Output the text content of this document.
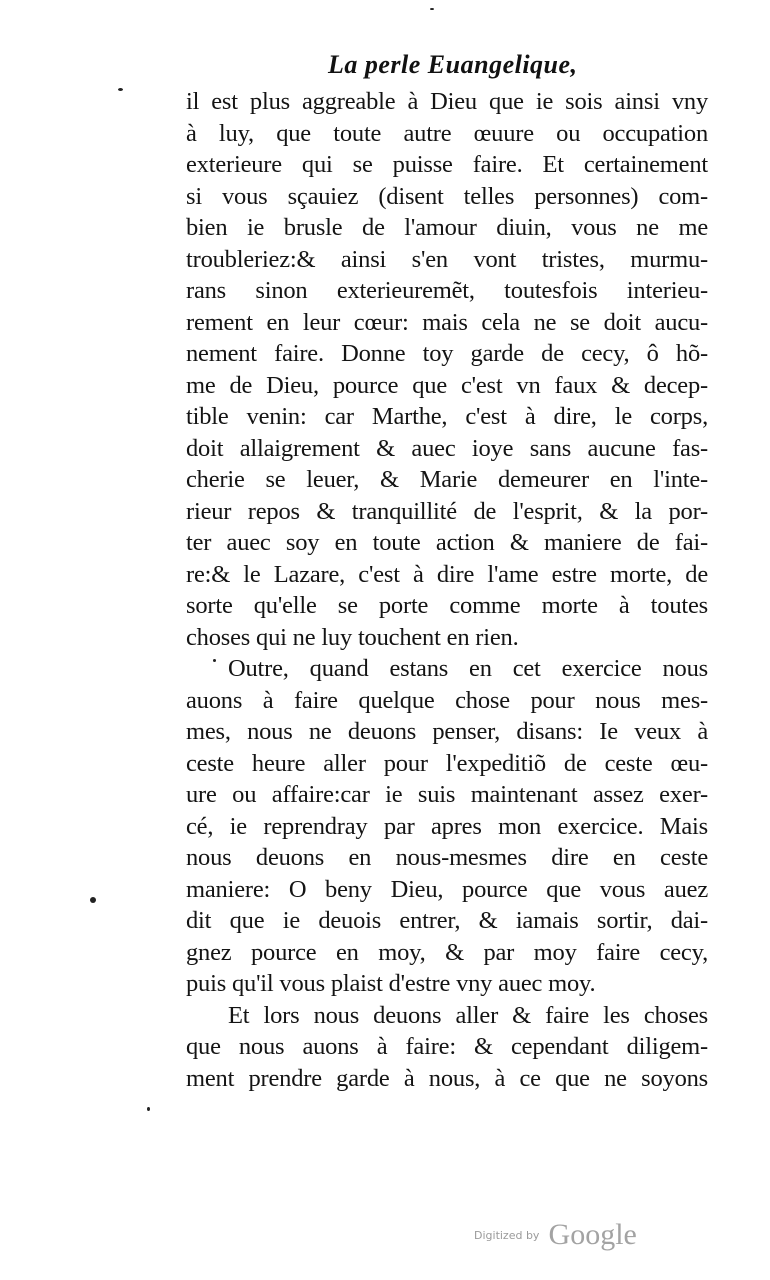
La perle Euangelique,
il est plus aggreable à Dieu que ie sois ainsi vny
à luy, que toute autre œuure ou occupation
exterieure qui se puisse faire. Et certainement
si vous sçauiez (disent telles personnes) com-
bien ie brusle de l'amour diuin, vous ne me
troubleriez:& ainsi s'en vont tristes, murmu-
rans sinon exterieuremẽt, toutesfois interieu-
rement en leur cœur: mais cela ne se doit aucu-
nement faire. Donne toy garde de cecy, ô hõ-
me de Dieu, pource que c'est vn faux & decep-
tible venin: car Marthe, c'est à dire, le corps,
doit allaigrement & auec ioye sans aucune fas-
cherie se leuer, & Marie demeurer en l'inte-
rieur repos & tranquillité de l'esprit, & la por-
ter auec soy en toute action & maniere de fai-
re:& le Lazare, c'est à dire l'ame estre morte, de
sorte qu'elle se porte comme morte à toutes
choses qui ne luy touchent en rien.
Outre, quand estans en cet exercice nous
auons à faire quelque chose pour nous mes-
mes, nous ne deuons penser, disans: Ie veux à
ceste heure aller pour l'expeditiõ de ceste œu-
ure ou affaire:car ie suis maintenant assez exer-
cé, ie reprendray par apres mon exercice. Mais
nous deuons en nous-mesmes dire en ceste
maniere: O beny Dieu, pource que vous auez
dit que ie deuois entrer, & iamais sortir, dai-
gnez pource en moy, & par moy faire cecy,
puis qu'il vous plaist d'estre vny auec moy.
Et lors nous deuons aller & faire les choses
que nous auons à faire: & cependant diligem-
ment prendre garde à nous, à ce que ne soyons
Digitized by Google
